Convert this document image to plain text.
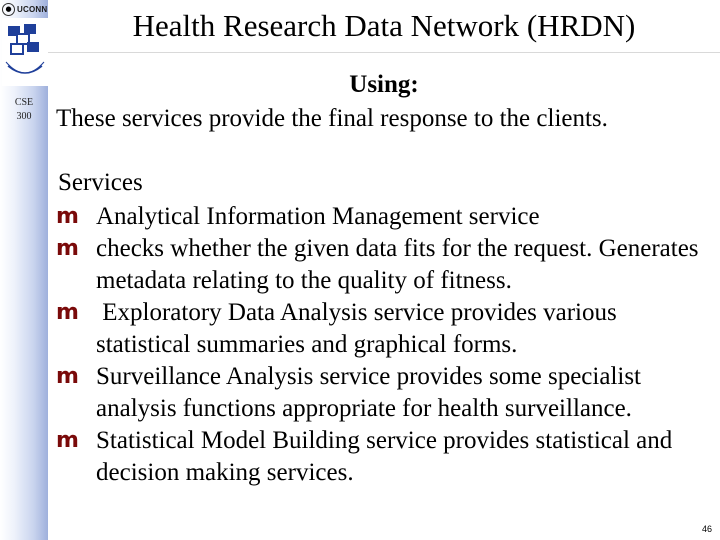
● UCONN
CSE
300
Health Research Data Network (HRDN)
Using:
These services provide the final response to the clients.
Services
m Analytical Information Management service
m checks whether the given data fits for the request. Generates metadata relating to the quality of fitness.
m Exploratory Data Analysis service provides various statistical summaries and graphical forms.
m Surveillance Analysis service provides some specialist analysis functions appropriate for health surveillance.
m Statistical Model Building service provides statistical and decision making services.
46
